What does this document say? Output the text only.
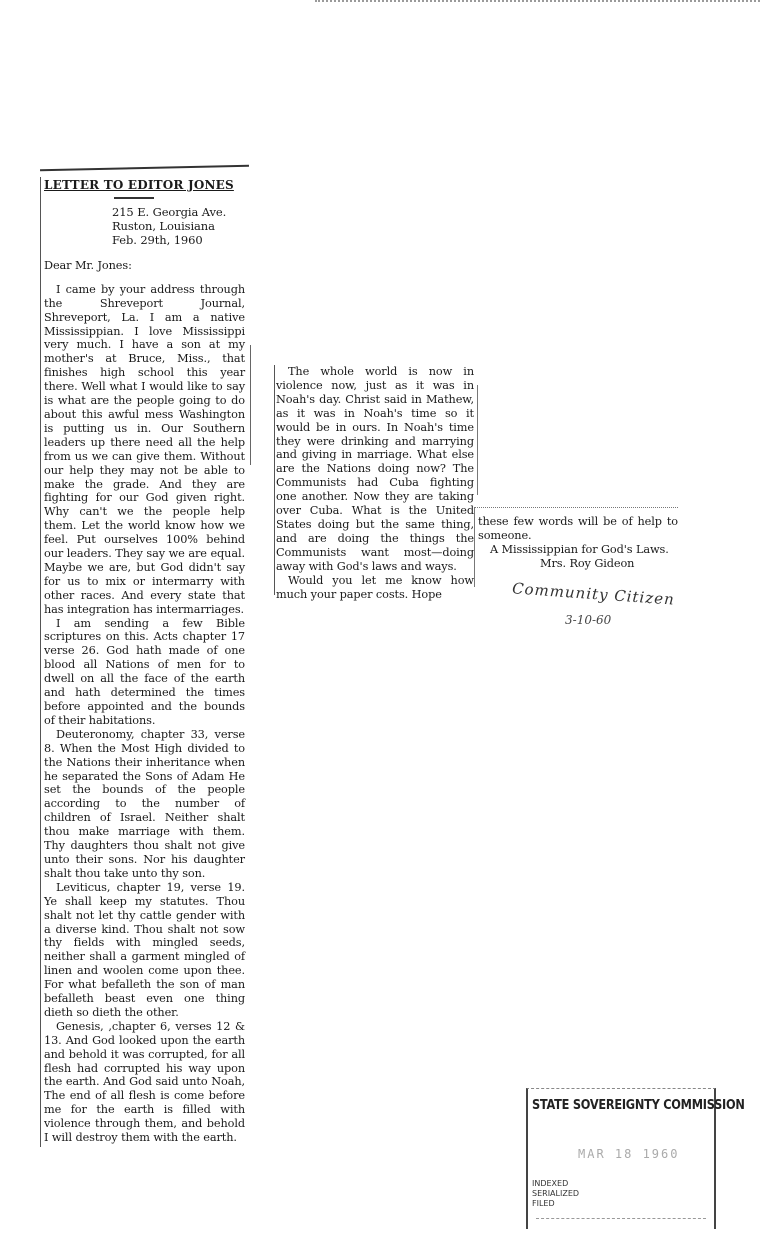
LETTER TO EDITOR JONES
215 E. Georgia Ave.
Ruston, Louisiana
Feb. 29th, 1960

Dear Mr. Jones:

I came by your address through the Shreveport Journal, Shreveport, La. I am a native Mississippian. I love Mississippi very much. I have a son at my mother's at Bruce, Miss., that finishes high school this year there. Well what I would like to say is what are the people going to do about this awful mess Washington is putting us in. Our Southern leaders up there need all the help from us we can give them. Without our help they may not be able to make the grade. And they are fighting for our God given right. Why can't we the people help them. Let the world know how we feel. Put ourselves 100% behind our leaders. They say we are equal. Maybe we are, but God didn't say for us to mix or intermarry with other races. And every state that has integration has intermarriages.

I am sending a few Bible scriptures on this. Acts chapter 17 verse 26. God hath made of one blood all Nations of men for to dwell on all the face of the earth and hath determined the times before appointed and the bounds of their habitations.

Deuteronomy, chapter 33, verse 8. When the Most High divided to the Nations their inheritance when he separated the Sons of Adam He set the bounds of the people according to the number of children of Israel. Neither shalt thou make marriage with them. Thy daughters thou shalt not give unto their sons. Nor his daughter shalt thou take unto thy son.

Leviticus, chapter 19, verse 19. Ye shall keep my statutes. Thou shalt not let thy cattle gender with a diverse kind. Thou shalt not sow thy fields with mingled seeds, neither shall a garment mingled of linen and woolen come upon thee. For what befalleth the son of man befalleth beast even one thing dieth so dieth the other.

Genesis, ,chapter 6, verses 12 & 13. And God looked upon the earth and behold it was corrupted, for all flesh had corrupted his way upon the earth. And God said unto Noah, The end of all flesh is come before me for the earth is filled with violence through them, and behold I will destroy them with the earth.

The whole world is now in violence now, just as it was in Noah's day. Christ said in Mathew, as it was in Noah's time so it would be in ours. In Noah's time they were drinking and marrying and giving in marriage. What else are the Nations doing now? The Communists had Cuba fighting one another. Now they are taking over Cuba. What is the United States doing but the same thing, and are doing the things the Communists want most—doing away with God's laws and ways.

Would you let me know how much your paper costs. Hope

these few words will be of help to someone.

A Mississippian for God's Laws.

Mrs. Roy Gideon

Community Citizen
3-10-60
STATE SOVEREIGNTY COMMISSION
MAR 18 1960
INDEXED
SERIALIZED
FILED
